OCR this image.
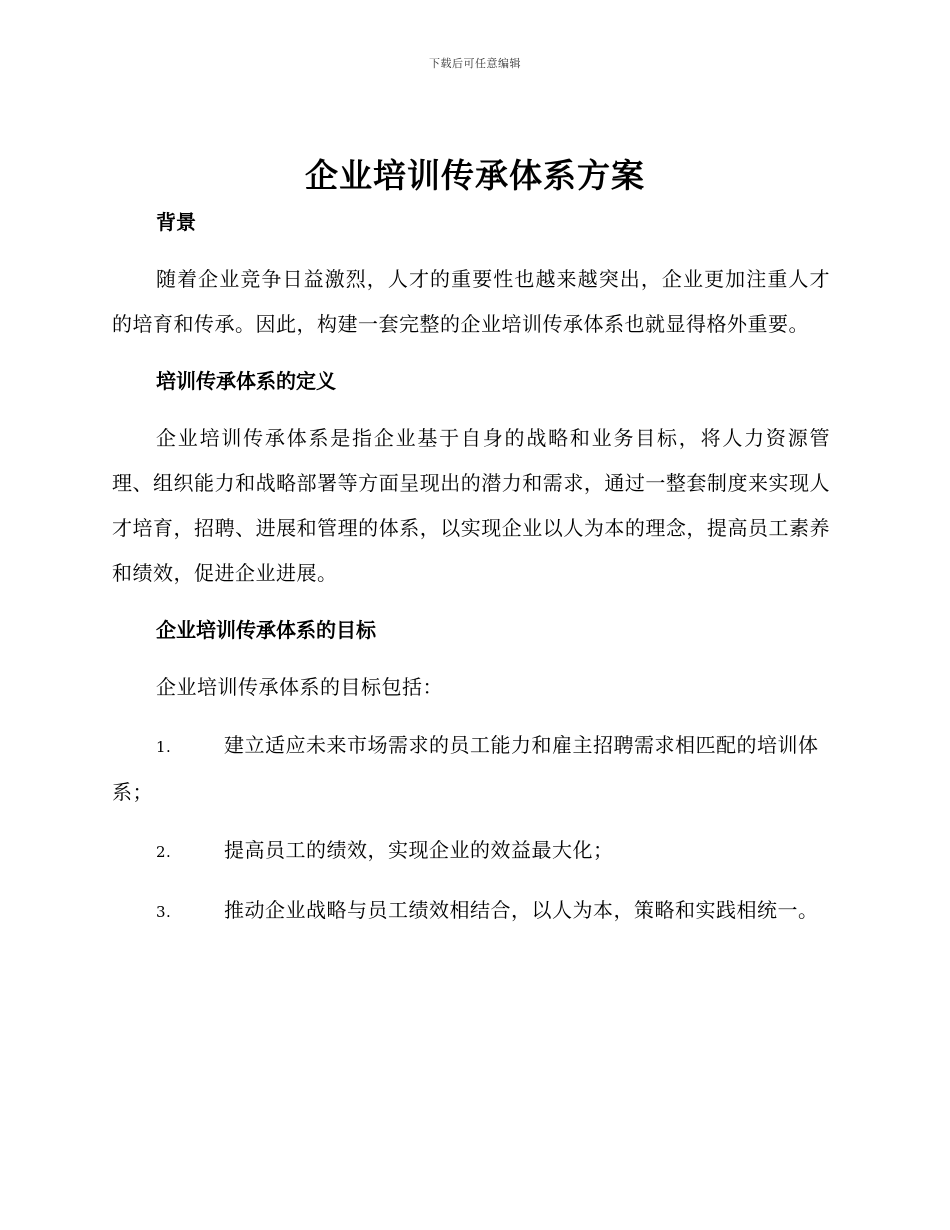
下载后可任意编辑
企业培训传承体系方案
背景

随着企业竞争日益激烈，人才的重要性也越来越突出，企业更加注重人才的培育和传承。因此，构建一套完整的企业培训传承体系也就显得格外重要。

培训传承体系的定义

企业培训传承体系是指企业基于自身的战略和业务目标，将人力资源管理、组织能力和战略部署等方面呈现出的潜力和需求，通过一整套制度来实现人才培育，招聘、进展和管理的体系，以实现企业以人为本的理念，提高员工素养和绩效，促进企业进展。

企业培训传承体系的目标

企业培训传承体系的目标包括：

1.	建立适应未来市场需求的员工能力和雇主招聘需求相匹配的培训体系；

2.	提高员工的绩效，实现企业的效益最大化；

3.	推动企业战略与员工绩效相结合，以人为本，策略和实践相统一。
